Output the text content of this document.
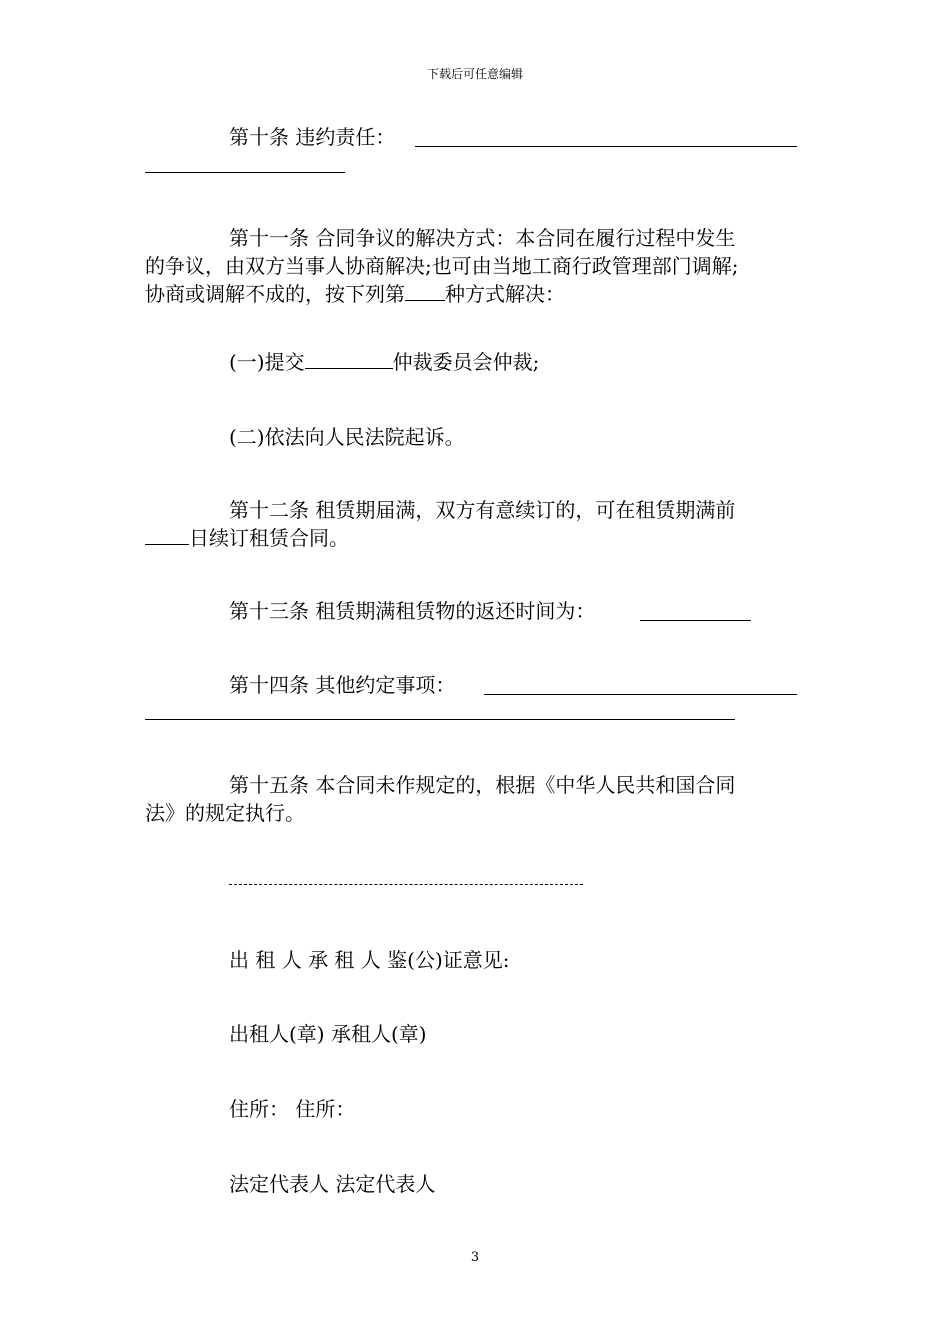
下载后可任意编辑
第十条 违约责任：
第十一条 合同争议的解决方式：本合同在履行过程中发生
的争议，由双方当事人协商解决;也可由当地工商行政管理部门调解;
协商或调解不成的，按下列第 种方式解决：
(一)提交	仲裁委员会仲裁;
(二)依法向人民法院起诉。
第十二条 租赁期届满，双方有意续订的，可在租赁期满前
日续订租赁合同。
第十三条 租赁期满租赁物的返还时间为：
第十四条 其他约定事项：
第十五条 本合同未作规定的，根据《中华人民共和国合同
法》的规定执行。
出 租 人 承 租 人 鉴(公)证意见:
出租人(章) 承租人(章)
住所： 住所：
法定代表人 法定代表人
3
